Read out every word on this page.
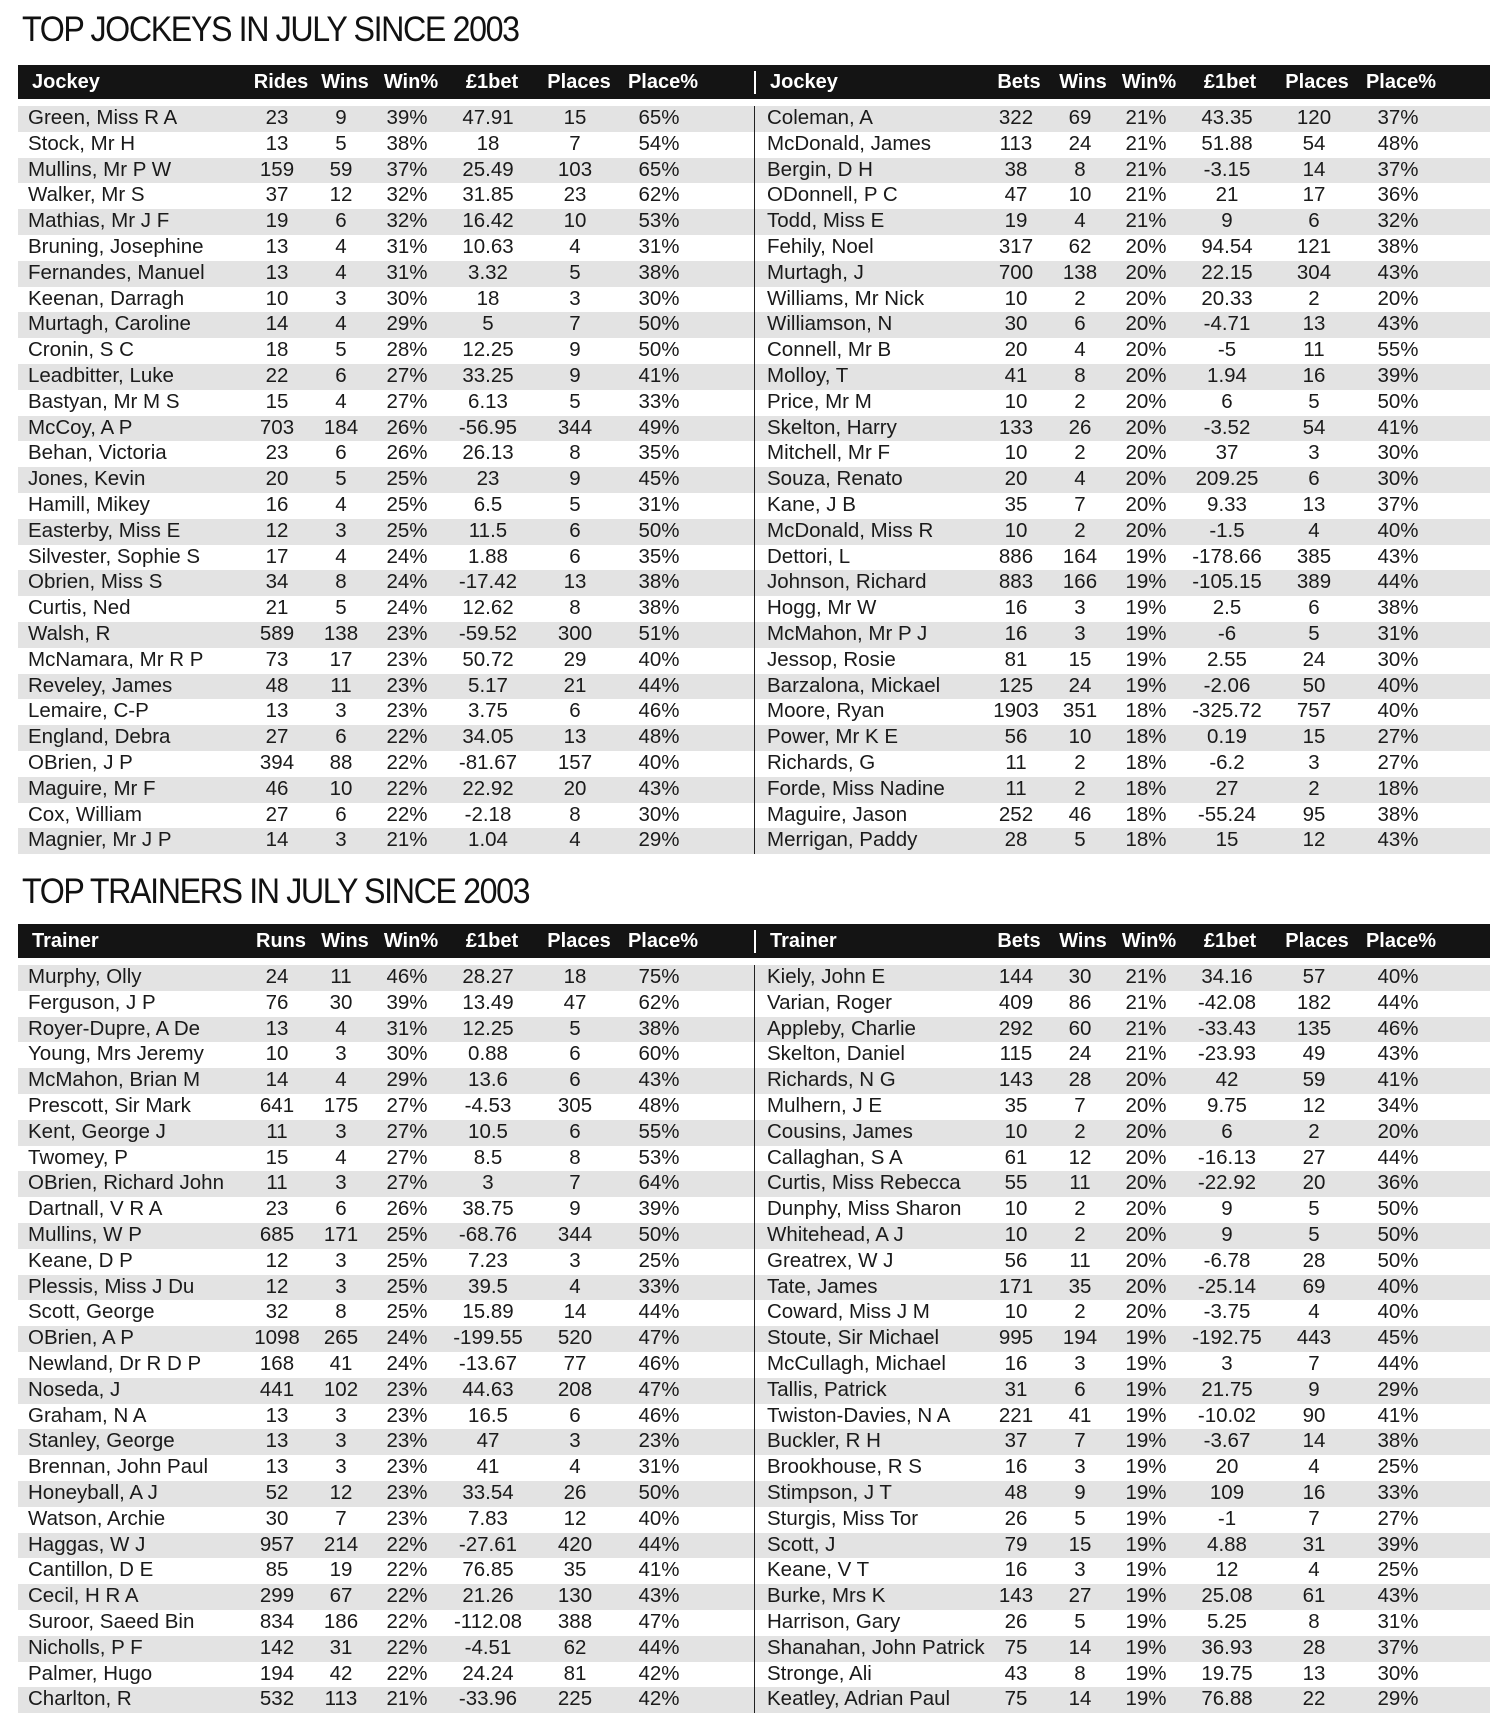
TOP JOCKEYS IN JULY SINCE 2003
Jockey	Rides Wins Win%	£1bet	Places Place%	Jockey	Bets Wins Win%	£1bet	Places Place%
Green, Miss R A	23	9	39%	47.91	15	65%	Coleman, A	322	69	21%	43.35	120	37%
Stock, Mr H	13	5	38%	18	7	54%	McDonald, James	113	24	21%	51.88	54	48%
Mullins, Mr P W	159	59	37%	25.49	103	65%	Bergin, D H	38	8	21%	-3.15	14	37%
Walker, Mr S	37	12	32%	31.85	23	62%	ODonnell, P C	47	10	21%	21	17	36%
Mathias, Mr J F	19	6	32%	16.42	10	53%	Todd, Miss E	19	4	21%	9	6	32%
Bruning, Josephine	13	4	31%	10.63	4	31%	Fehily, Noel	317	62	20%	94.54	121	38%
Fernandes, Manuel	13	4	31%	3.32	5	38%	Murtagh, J	700	138	20%	22.15	304	43%
Keenan, Darragh	10	3	30%	18	3	30%	Williams, Mr Nick	10	2	20%	20.33	2	20%
Murtagh, Caroline	14	4	29%	5	7	50%	Williamson, N	30	6	20%	-4.71	13	43%
Cronin, S C	18	5	28%	12.25	9	50%	Connell, Mr B	20	4	20%	-5	11	55%
Leadbitter, Luke	22	6	27%	33.25	9	41%	Molloy, T	41	8	20%	1.94	16	39%
Bastyan, Mr M S	15	4	27%	6.13	5	33%	Price, Mr M	10	2	20%	6	5	50%
McCoy, A P	703	184	26%	-56.95	344	49%	Skelton, Harry	133	26	20%	-3.52	54	41%
Behan, Victoria	23	6	26%	26.13	8	35%	Mitchell, Mr F	10	2	20%	37	3	30%
Jones, Kevin	20	5	25%	23	9	45%	Souza, Renato	20	4	20%	209.25	6	30%
Hamill, Mikey	16	4	25%	6.5	5	31%	Kane, J B	35	7	20%	9.33	13	37%
Easterby, Miss E	12	3	25%	11.5	6	50%	McDonald, Miss R	10	2	20%	-1.5	4	40%
Silvester, Sophie S	17	4	24%	1.88	6	35%	Dettori, L	886	164	19%	-178.66	385	43%
Obrien, Miss S	34	8	24%	-17.42	13	38%	Johnson, Richard	883	166	19%	-105.15	389	44%
Curtis, Ned	21	5	24%	12.62	8	38%	Hogg, Mr W	16	3	19%	2.5	6	38%
Walsh, R	589	138	23%	-59.52	300	51%	McMahon, Mr P J	16	3	19%	-6	5	31%
McNamara, Mr R P	73	17	23%	50.72	29	40%	Jessop, Rosie	81	15	19%	2.55	24	30%
Reveley, James	48	11	23%	5.17	21	44%	Barzalona, Mickael	125	24	19%	-2.06	50	40%
Lemaire, C-P	13	3	23%	3.75	6	46%	Moore, Ryan	1903	351	18%	-325.72	757	40%
England, Debra	27	6	22%	34.05	13	48%	Power, Mr K E	56	10	18%	0.19	15	27%
OBrien, J P	394	88	22%	-81.67	157	40%	Richards, G	11	2	18%	-6.2	3	27%
Maguire, Mr F	46	10	22%	22.92	20	43%	Forde, Miss Nadine	11	2	18%	27	2	18%
Cox, William	27	6	22%	-2.18	8	30%	Maguire, Jason	252	46	18%	-55.24	95	38%
Magnier, Mr J P	14	3	21%	1.04	4	29%	Merrigan, Paddy	28	5	18%	15	12	43%
TOP TRAINERS IN JULY SINCE 2003
Trainer	Runs Wins Win%	£1bet	Places Place%	Trainer	Bets Wins Win%	£1bet	Places Place%
Murphy, Olly	24	11	46%	28.27	18	75%	Kiely, John E	144	30	21%	34.16	57	40%
Ferguson, J P	76	30	39%	13.49	47	62%	Varian, Roger	409	86	21%	-42.08	182	44%
Royer-Dupre, A De	13	4	31%	12.25	5	38%	Appleby, Charlie	292	60	21%	-33.43	135	46%
Young, Mrs Jeremy	10	3	30%	0.88	6	60%	Skelton, Daniel	115	24	21%	-23.93	49	43%
McMahon, Brian M	14	4	29%	13.6	6	43%	Richards, N G	143	28	20%	42	59	41%
Prescott, Sir Mark	641	175	27%	-4.53	305	48%	Mulhern, J E	35	7	20%	9.75	12	34%
Kent, George J	11	3	27%	10.5	6	55%	Cousins, James	10	2	20%	6	2	20%
Twomey, P	15	4	27%	8.5	8	53%	Callaghan, S A	61	12	20%	-16.13	27	44%
OBrien, Richard John	11	3	27%	3	7	64%	Curtis, Miss Rebecca	55	11	20%	-22.92	20	36%
Dartnall, V R A	23	6	26%	38.75	9	39%	Dunphy, Miss Sharon	10	2	20%	9	5	50%
Mullins, W P	685	171	25%	-68.76	344	50%	Whitehead, A J	10	2	20%	9	5	50%
Keane, D P	12	3	25%	7.23	3	25%	Greatrex, W J	56	11	20%	-6.78	28	50%
Plessis, Miss J Du	12	3	25%	39.5	4	33%	Tate, James	171	35	20%	-25.14	69	40%
Scott, George	32	8	25%	15.89	14	44%	Coward, Miss J M	10	2	20%	-3.75	4	40%
OBrien, A P	1098	265	24%	-199.55	520	47%	Stoute, Sir Michael	995	194	19%	-192.75	443	45%
Newland, Dr R D P	168	41	24%	-13.67	77	46%	McCullagh, Michael	16	3	19%	3	7	44%
Noseda, J	441	102	23%	44.63	208	47%	Tallis, Patrick	31	6	19%	21.75	9	29%
Graham, N A	13	3	23%	16.5	6	46%	Twiston-Davies, N A	221	41	19%	-10.02	90	41%
Stanley, George	13	3	23%	47	3	23%	Buckler, R H	37	7	19%	-3.67	14	38%
Brennan, John Paul	13	3	23%	41	4	31%	Brookhouse, R S	16	3	19%	20	4	25%
Honeyball, A J	52	12	23%	33.54	26	50%	Stimpson, J T	48	9	19%	109	16	33%
Watson, Archie	30	7	23%	7.83	12	40%	Sturgis, Miss Tor	26	5	19%	-1	7	27%
Haggas, W J	957	214	22%	-27.61	420	44%	Scott, J	79	15	19%	4.88	31	39%
Cantillon, D E	85	19	22%	76.85	35	41%	Keane, V T	16	3	19%	12	4	25%
Cecil, H R A	299	67	22%	21.26	130	43%	Burke, Mrs K	143	27	19%	25.08	61	43%
Suroor, Saeed Bin	834	186	22%	-112.08	388	47%	Harrison, Gary	26	5	19%	5.25	8	31%
Nicholls, P F	142	31	22%	-4.51	62	44%	Shanahan, John Patrick 75	14	19%	36.93	28	37%
Palmer, Hugo	194	42	22%	24.24	81	42%	Stronge, Ali	43	8	19%	19.75	13	30%
Charlton, R	532	113	21%	-33.96	225	42%	Keatley, Adrian Paul	75	14	19%	76.88	22	29%
